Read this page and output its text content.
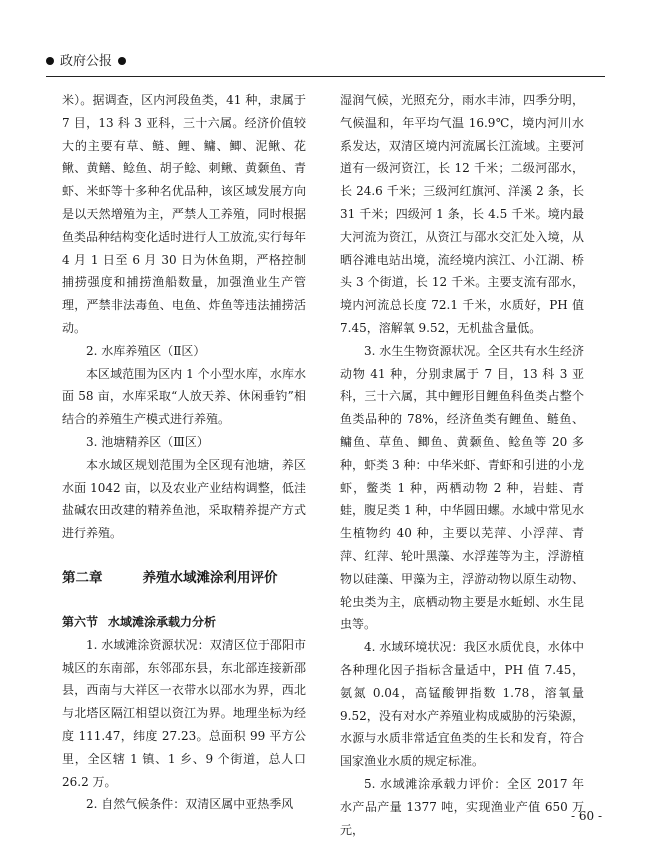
政府公报

米）。据调查，区内河段鱼类，41 种，隶属于 7 目，13 科 3 亚科，三十六属。经济价值较大的主要有草、鲢、鲤、鳙、鲫、泥鳅、花鳅、黄鳝、鲶鱼、胡子鲶、刺鳅、黄颡鱼、青虾、米虾等十多种名优品种，该区域发展方向是以天然增殖为主，严禁人工养殖，同时根据鱼类品种结构变化适时进行人工放流,实行每年 4 月 1 日至 6 月 30 日为休鱼期，严格控制捕捞强度和捕捞渔船数量，加强渔业生产管理，严禁非法毒鱼、电鱼、炸鱼等违法捕捞活动。

2. 水库养殖区（Ⅱ区）

本区域范围为区内 1 个小型水库，水库水面 58 亩，水库采取“人放天养、休闲垂钓”相结合的养殖生产模式进行养殖。

3. 池塘精养区（Ⅲ区）

本水域区规划范围为全区现有池塘，养区水面 1042 亩，以及农业产业结构调整，低洼盐碱农田改建的精养鱼池，采取精养提产方式进行养殖。

第二章	养殖水域滩涂利用评价

第六节 水域滩涂承载力分析

1. 水域滩涂资源状况：双清区位于邵阳市城区的东南部，东邻邵东县，东北部连接新邵县，西南与大祥区一衣带水以邵水为界，西北与北塔区隔江相望以资江为界。地理坐标为经度 111.47，纬度 27.23。总面积 99 平方公里，全区辖 1 镇、1 乡、9 个街道，总人口 26.2 万。

2. 自然气候条件：双清区属中亚热季风

湿润气候，光照充分，雨水丰沛，四季分明，气候温和，年平均气温 16.9℃，境内河川水系发达，双清区境内河流属长江流域。主要河道有一级河资江，长 12 千米；二级河邵水，长 24.6 千米；三级河红旗河、洋溪 2 条，长 31 千米；四级河 1 条，长 4.5 千米。境内最大河流为资江，从资江与邵水交汇处入境，从晒谷滩电站出境，流经境内滨江、小江湖、桥头 3 个街道，长 12 千米。主要支流有邵水，境内河流总长度 72.1 千米，水质好，PH 值 7.45，溶解氧 9.52，无机盐含量低。

3. 水生生物资源状况。全区共有水生经济动物 41 种，分别隶属于 7 目，13 科 3 亚科，三十六属，其中鲤形目鲤鱼科鱼类占整个鱼类品种的 78%，经济鱼类有鲤鱼、鲢鱼、鳙鱼、草鱼、鲫鱼、黄颡鱼、鲶鱼等 20 多种，虾类 3 种：中华米虾、青虾和引进的小龙虾，鳖类 1 种，两栖动物 2 种，岩蛙、青蛙，腹足类 1 种，中华圆田螺。水域中常见水生植物约 40 种，主要以芜萍、小浮萍、青萍、红萍、轮叶黑藻、水浮莲等为主，浮游植物以硅藻、甲藻为主，浮游动物以原生动物、轮虫类为主，底栖动物主要是水蚯蚓、水生昆虫等。

4. 水域环境状况：我区水质优良，水体中各种理化因子指标含量适中，PH 值 7.45，氨氮 0.04，高锰酸钾指数 1.78，溶氧量 9.52，没有对水产养殖业构成威胁的污染源，水源与水质非常适宜鱼类的生长和发育，符合国家渔业水质的规定标准。

5. 水域滩涂承载力评价：全区 2017 年水产品产量 1377 吨，实现渔业产值 650 万元，

- 60 -
